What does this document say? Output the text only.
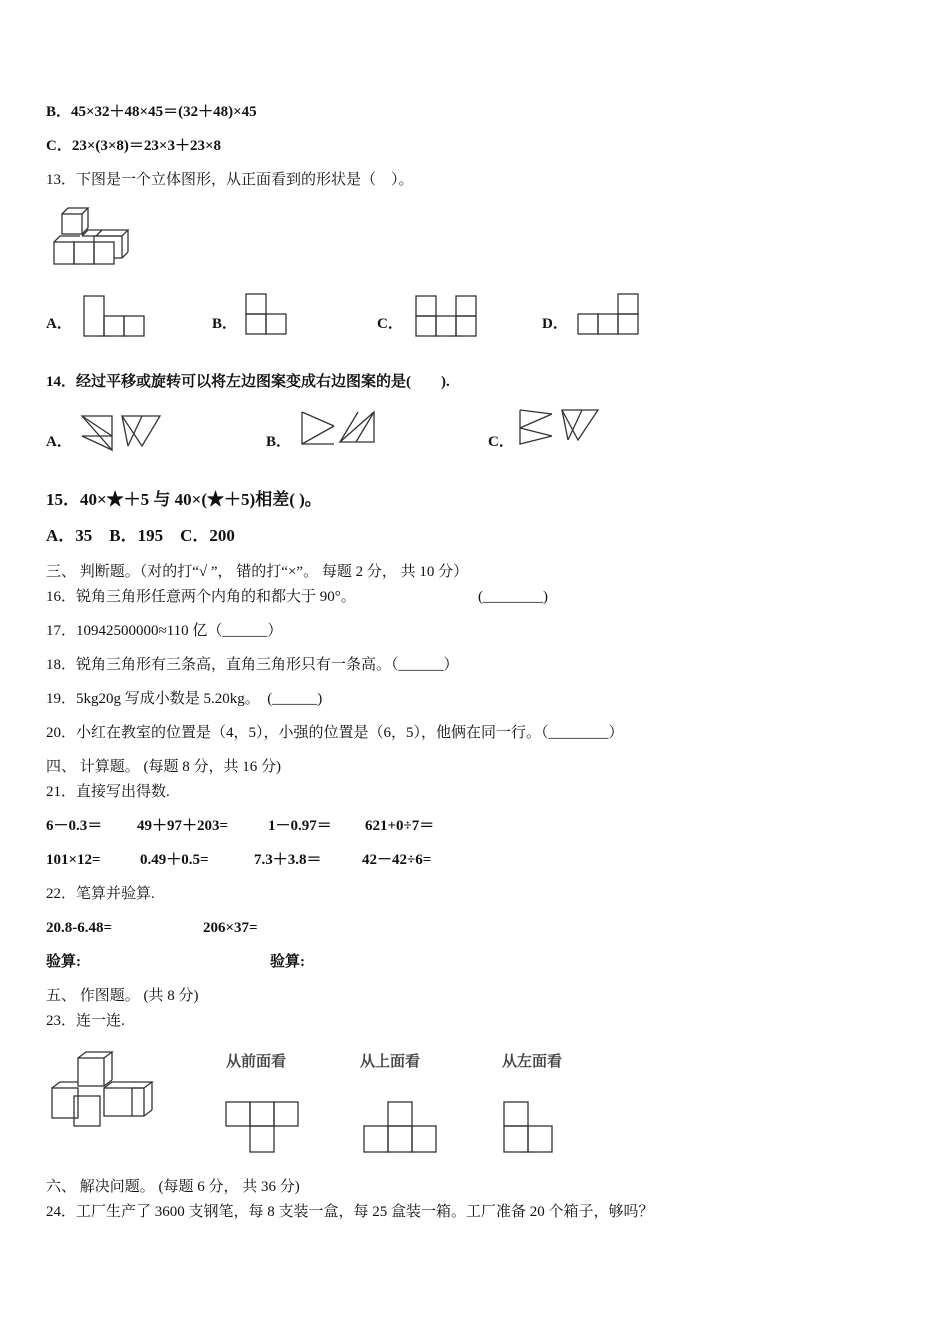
B．45×32＋48×45＝(32＋48)×45
C．23×(3×8)＝23×3＋23×8
13．下图是一个立体图形，从正面看到的形状是（　）。
A．	B．	C．	D．
14．经过平移或旋转可以将左边图案变成右边图案的是(　　).
A．	B．	C．
15．40×★＋5 与 40×(★＋5)相差( )。
A．35　B．195　C．200
三、 判断题。（对的打“√ ”， 错的打“×”。 每题 2 分， 共 10 分）
16．锐角三角形任意两个内角的和都大于 90°。	(________)
17．10942500000≈110 亿（______）
18．锐角三角形有三条高，直角三角形只有一条高。（______）
19．5kg20g 写成小数是 5.20kg。　(______)
20．小红在教室的位置是（4，5），小强的位置是（6，5），他俩在同一行。（________）
四、 计算题。 (每题 8 分，共 16 分)
21．直接写出得数.
6－0.3＝ 49＋97＋203=	1－0.97＝ 621+0÷7＝
101×12=	0.49＋0.5=	7.3＋3.8＝	42－42÷6=
22．笔算并验算.
20.8-6.48=	206×37=
验算:	验算:
五、 作图题。 (共 8 分)
23．连一连.
从前面看	从上面看	从左面看
六、 解决问题。 (每题 6 分， 共 36 分)
24．工厂生产了 3600 支钢笔，每 8 支装一盒，每 25 盒装一箱。工厂准备 20 个箱子，够吗？
